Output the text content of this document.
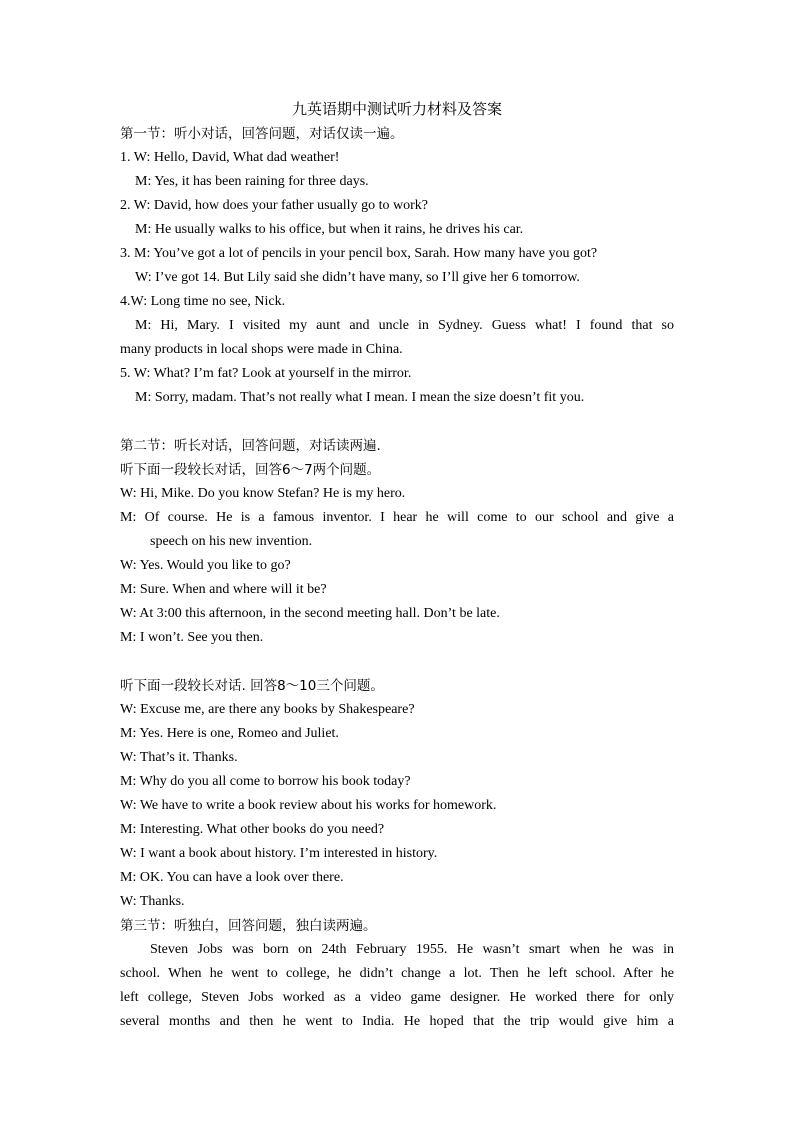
九英语期中测试听力材料及答案
第一节：听小对话，回答问题，对话仅读一遍。
1. W: Hello, David, What dad weather!
M: Yes, it has been raining for three days.
2. W: David, how does your father usually go to work?
M: He usually walks to his office, but when it rains, he drives his car.
3. M: You’ve got a lot of pencils in your pencil box, Sarah. How many have you got?
W: I’ve got 14. But Lily said she didn’t have many, so I’ll give her 6 tomorrow.
4.W: Long time no see, Nick.
M: Hi, Mary. I visited my aunt and uncle in Sydney. Guess what! I found that so
many products in local shops were made in China.
5. W: What? I’m fat? Look at yourself in the mirror.
M: Sorry, madam. That’s not really what I mean. I mean the size doesn’t fit you.
第二节：听长对话，回答问题，对话读两遍.
听下面一段较长对话，回答6～7两个问题。
W: Hi, Mike. Do you know Stefan? He is my hero.
M: Of course. He is a famous inventor. I hear he will come to our school and give a
speech on his new invention.
W: Yes. Would you like to go?
M: Sure. When and where will it be?
W: At 3:00 this afternoon, in the second meeting hall. Don’t be late.
M: I won’t. See you then.
听下面一段较长对话. 回答8～10三个问题。
W: Excuse me, are there any books by Shakespeare?
M: Yes. Here is one, Romeo and Juliet.
W: That’s it. Thanks.
M: Why do you all come to borrow his book today?
W: We have to write a book review about his works for homework.
M: Interesting. What other books do you need?
W: I want a book about history. I’m interested in history.
M: OK. You can have a look over there.
W: Thanks.
第三节：听独白，回答问题，独白读两遍。
Steven Jobs was born on 24th February 1955. He wasn’t smart when he was in
school. When he went to college, he didn’t change a lot. Then he left school. After he
left college, Steven Jobs worked as a video game designer. He worked there for only
several months and then he went to India. He hoped that the trip would give him a
